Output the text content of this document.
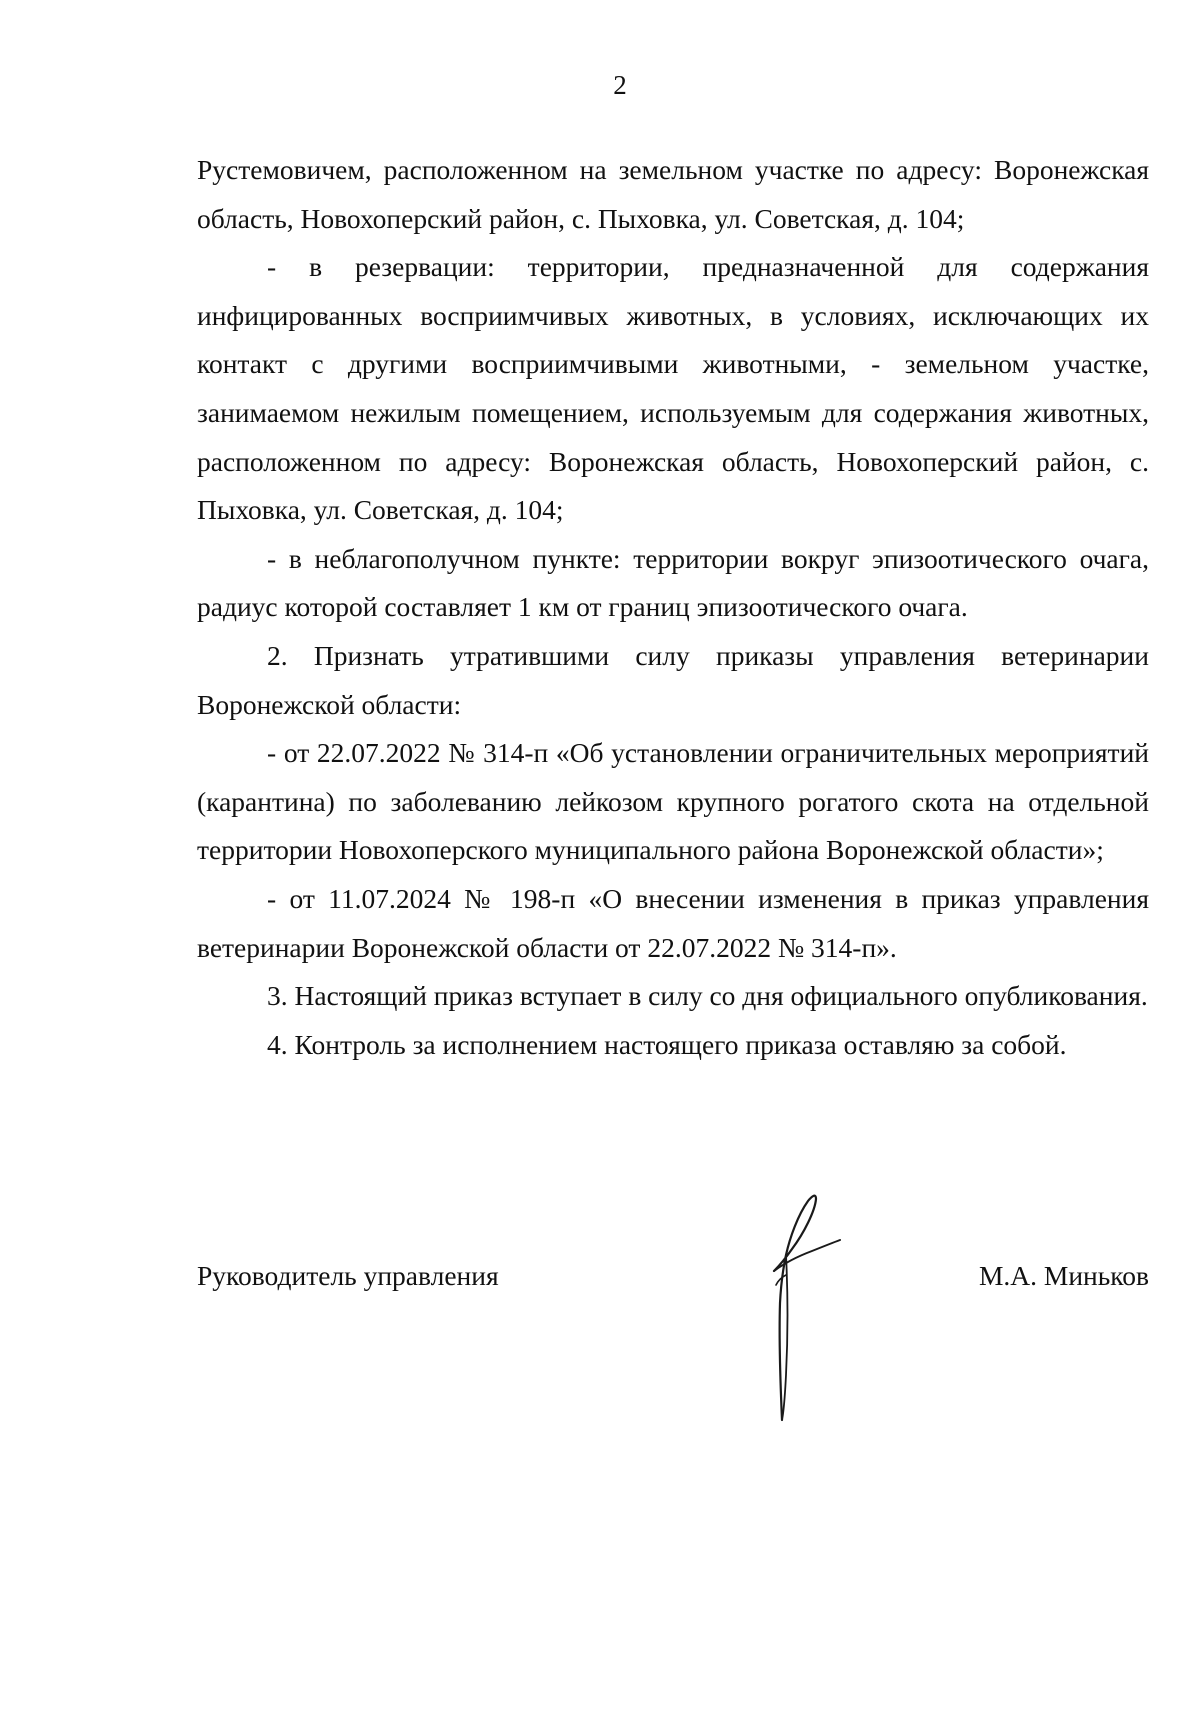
2

Рустемовичем, расположенном на земельном участке по адресу: Воронежская область, Новохоперский район, с. Пыховка, ул. Советская, д. 104;

- в резервации: территории, предназначенной для содержания инфицированных восприимчивых животных, в условиях, исключающих их контакт с другими восприимчивыми животными, - земельном участке, занимаемом нежилым помещением, используемым для содержания животных, расположенном по адресу: Воронежская область, Новохоперский район, с. Пыховка, ул. Советская, д. 104;

- в неблагополучном пункте: территории вокруг эпизоотического очага, радиус которой составляет 1 км от границ эпизоотического очага.

2. Признать утратившими силу приказы управления ветеринарии Воронежской области:

- от 22.07.2022 № 314-п «Об установлении ограничительных мероприятий (карантина) по заболеванию лейкозом крупного рогатого скота на отдельной территории Новохоперского муниципального района Воронежской области»;

- от 11.07.2024 № 198-п «О внесении изменения в приказ управления ветеринарии Воронежской области от 22.07.2022 № 314-п».

3. Настоящий приказ вступает в силу со дня официального опубликования.

4. Контроль за исполнением настоящего приказа оставляю за собой.

Руководитель управления	М.А. Миньков
